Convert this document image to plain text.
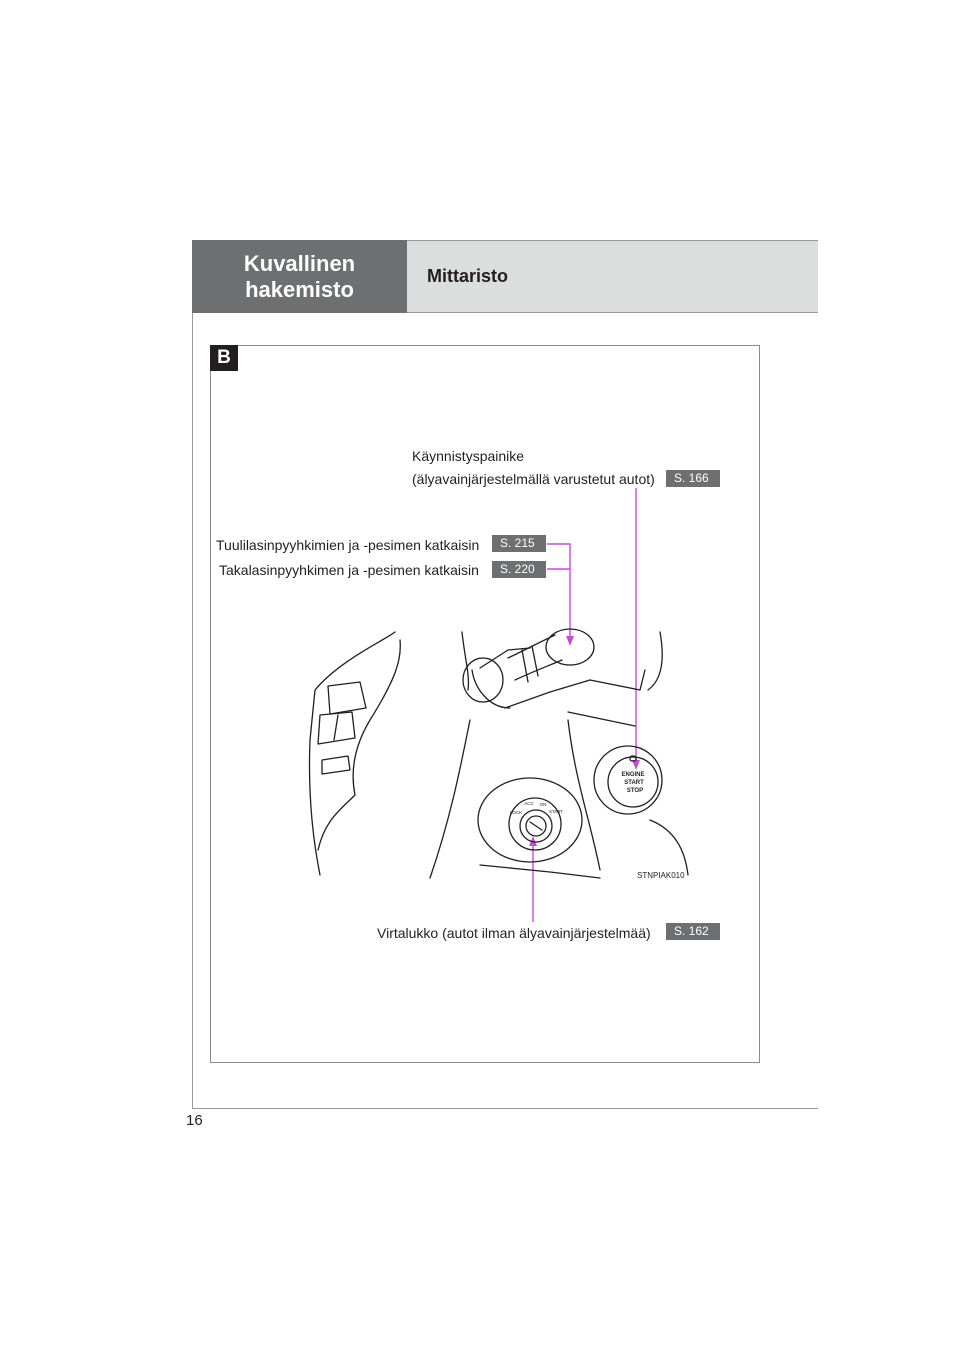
Kuvallinen
hakemisto
Mittaristo
16
B
Käynnistyspainike
(älyavainjärjestelmällä varustetut autot)	S. 166
Tuulilasinpyyhkimien ja -pesimen katkaisin	S. 215
Takalasinpyyhkimen ja -pesimen katkaisin	S. 220
Virtalukko (autot ilman älyavainjärjestelmää)	S. 162
ENGINE
START
STOP
LOCK
ACC ON
START
STNPIAK010
